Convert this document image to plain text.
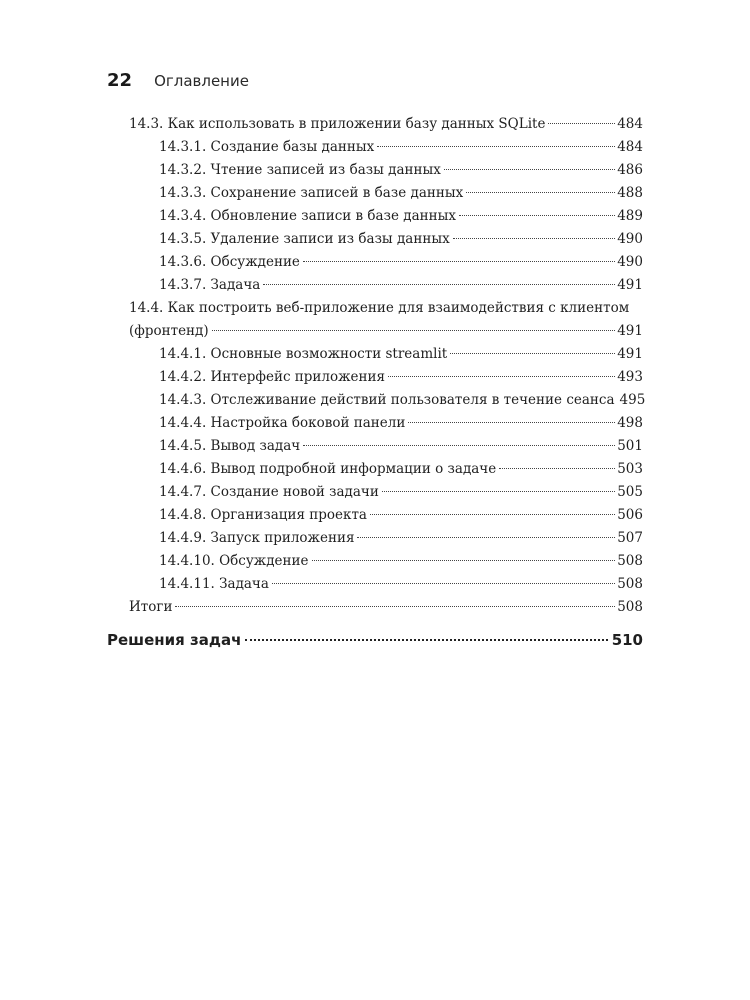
22 Оглавление
14.3. Как использовать в приложении базу данных SQLite	484
14.3.1. Создание базы данных	484
14.3.2. Чтение записей из базы данных	486
14.3.3. Сохранение записей в базе данных	488
14.3.4. Обновление записи в базе данных	489
14.3.5. Удаление записи из базы данных	490
14.3.6. Обсуждение	490
14.3.7. Задача	491
14.4. Как построить веб-приложение для взаимодействия с клиентом
(фронтенд)	491
14.4.1. Основные возможности streamlit	491
14.4.2. Интерфейс приложения	493
14.4.3. Отслеживание действий пользователя в течение сеанса 495
14.4.4. Настройка боковой панели	498
14.4.5. Вывод задач	501
14.4.6. Вывод подробной информации о задаче	503
14.4.7. Создание новой задачи	505
14.4.8. Организация проекта	506
14.4.9. Запуск приложения	507
14.4.10. Обсуждение	508
14.4.11. Задача	508
Итоги	508
Решения задач	510
